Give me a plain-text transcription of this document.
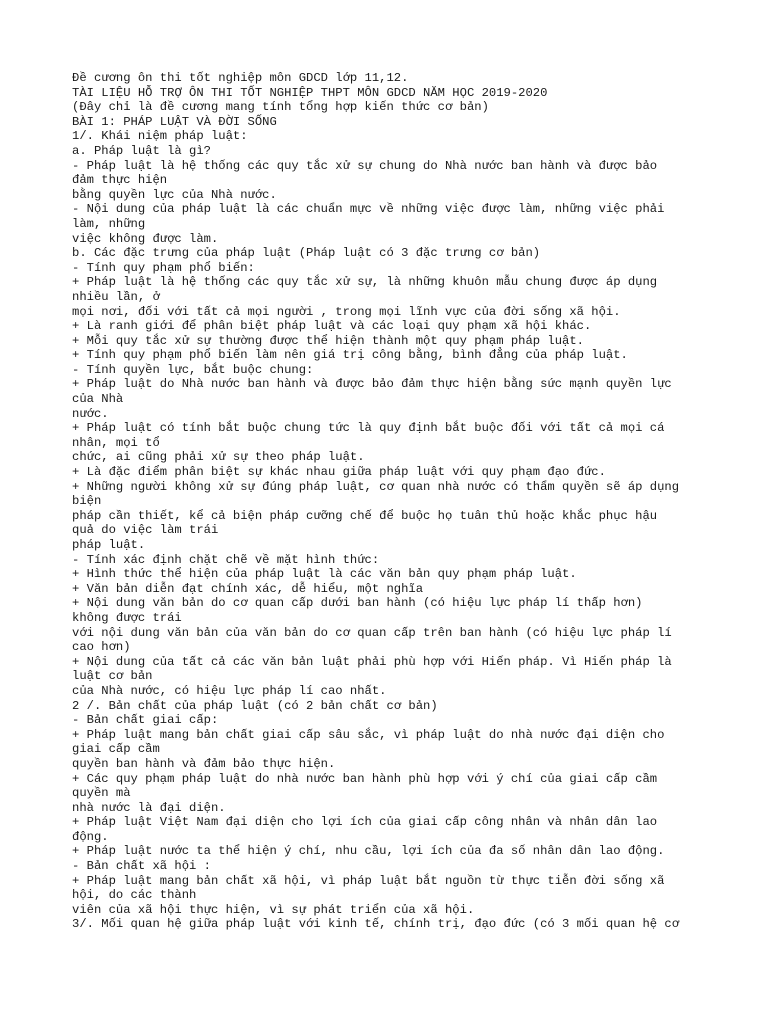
Đề cương ôn thi tốt nghiệp môn GDCD lớp 11,12.
TÀI LIỆU HỖ TRỢ ÔN THI TỐT NGHIỆP THPT MÔN GDCD NĂM HỌC 2019-2020
(Đây chỉ là đề cương mang tính tổng hợp kiến thức cơ bản)
BÀI 1: PHÁP LUẬT VÀ ĐỜI SỐNG
1/. Khái niệm pháp luật:
a. Pháp luật là gì?
- Pháp luật là hệ thống các quy tắc xử sự chung do Nhà nước ban hành và được bảo
đảm thực hiện
bằng quyền lực của Nhà nước.
- Nội dung của pháp luật là các chuẩn mực về những việc được làm, những việc phải
làm, những
việc không được làm.
b. Các đặc trưng của pháp luật (Pháp luật có 3 đặc trưng cơ bản)
- Tính quy phạm phổ biến:
+ Pháp luật là hệ thống các quy tắc xử sự, là những khuôn mẫu chung được áp dụng
nhiều lần, ở
mọi nơi, đối với tất cả mọi người , trong mọi lĩnh vực của đời sống xã hội.
+ Là ranh giới để phân biệt pháp luật và các loại quy phạm xã hội khác.
+ Mỗi quy tắc xử sự thường được thể hiện thành một quy phạm pháp luật.
+ Tính quy phạm phổ biến làm nên giá trị công bằng, bình đẳng của pháp luật.
- Tính quyền lực, bắt buộc chung:
+ Pháp luật do Nhà nước ban hành và được bảo đảm thực hiện bằng sức mạnh quyền lực
của Nhà
nước.
+ Pháp luật có tính bắt buộc chung tức là quy định bắt buộc đối với tất cả mọi cá
nhân, mọi tổ
chức, ai cũng phải xử sự theo pháp luật.
+ Là đặc điểm phân biệt sự khác nhau giữa pháp luật với quy phạm đạo đức.
+ Những người không xử sự đúng pháp luật, cơ quan nhà nước có thẩm quyền sẽ áp dụng
biện
pháp cần thiết, kể cả biện pháp cưỡng chế để buộc họ tuân thủ hoặc khắc phục hậu
quả do việc làm trái
pháp luật.
- Tính xác định chặt chẽ về mặt hình thức:
+ Hình thức thể hiện của pháp luật là các văn bản quy phạm pháp luật.
+ Văn bản diễn đạt chính xác, dễ hiểu, một nghĩa
+ Nội dung văn bản do cơ quan cấp dưới ban hành (có hiệu lực pháp lí thấp hơn)
không được trái
với nội dung văn bản của văn bản do cơ quan cấp trên ban hành (có hiệu lực pháp lí
cao hơn)
+ Nội dung của tất cả các văn bản luật phải phù hợp với Hiến pháp. Vì Hiến pháp là
luật cơ bản
của Nhà nước, có hiệu lực pháp lí cao nhất.
2 /. Bản chất của pháp luật (có 2 bản chất cơ bản)
- Bản chất giai cấp:
+ Pháp luật mang bản chất giai cấp sâu sắc, vì pháp luật do nhà nước đại diện cho
giai cấp cầm
quyền ban hành và đảm bảo thực hiện.
+ Các quy phạm pháp luật do nhà nước ban hành phù hợp với ý chí của giai cấp cầm
quyền mà
nhà nước là đại diện.
+ Pháp luật Việt Nam đại diện cho lợi ích của giai cấp công nhân và nhân dân lao
động.
+ Pháp luật nước ta thể hiện ý chí, nhu cầu, lợi ích của đa số nhân dân lao động.
- Bản chất xã hội :
+ Pháp luật mang bản chất xã hội, vì pháp luật bắt nguồn từ thực tiễn đời sống xã
hội, do các thành
viên của xã hội thực hiện, vì sự phát triển của xã hội.
3/. Mối quan hệ giữa pháp luật với kinh tế, chính trị, đạo đức (có 3 mối quan hệ cơ
